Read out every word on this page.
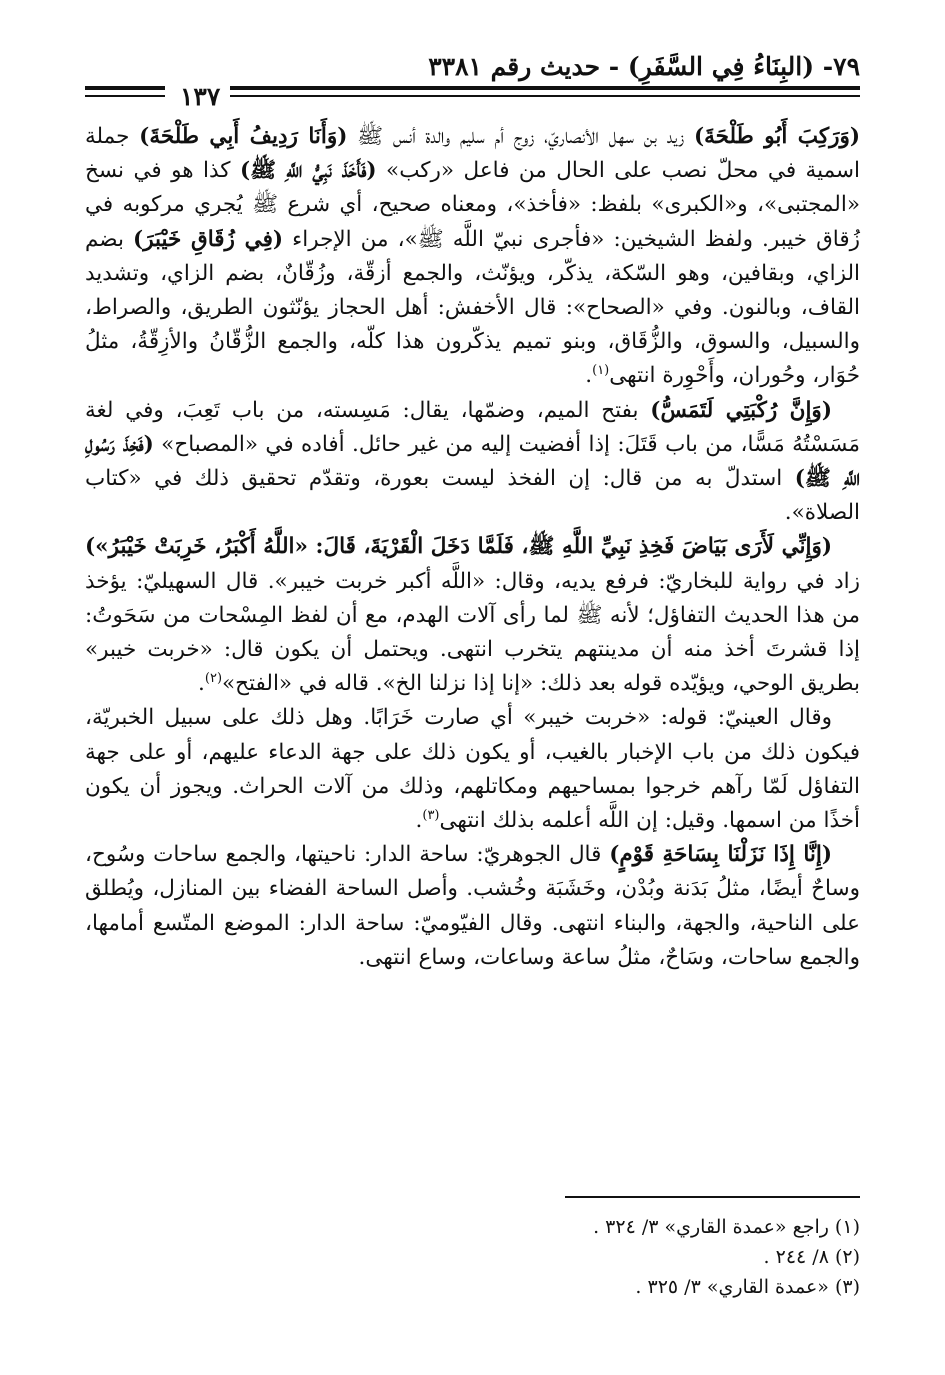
٧٩- (البِنَاءُ فِي السَّفَرِ) - حديث رقم ٣٣٨١
١٣٧

(وَرَكِبَ أَبُو طَلْحَةَ) زيد بن سهل الأنصاريّ، زوج أم سليم والدة أنس ﷺ (وَأَنَا رَدِيفُ أَبِي طَلْحَةَ) جملة اسمية في محلّ نصب على الحال من فاعل «ركب» (فَأَخَذَ نَبِيُّ اللَّهِ ﷺ) كذا هو في نسخ «المجتبى»، و«الكبرى» بلفظ: «فأخذ»، ومعناه صحيح، أي شرع ﷺ يُجري مركوبه في زُقاق خيبر. ولفظ الشيخين: «فأجرى نبيّ اللَّه ﷺ»، من الإجراء (فِي زُقَاقِ خَيْبَرَ) بضم الزاي، وبقافين، وهو السّكة، يذكّر، ويؤنّث، والجمع أزقّة، وزُقّانٌ، بضم الزاي، وتشديد القاف، وبالنون. وفي «الصحاح»: قال الأخفش: أهل الحجاز يؤنّثون الطريق، والصراط، والسبيل، والسوق، والزُّقَاق، وبنو تميم يذكّرون هذا كلّه، والجمع الزُّقّانُ والأزِقّةُ، مثلُ حُوَار، وحُوران، وأَحْوِرة انتهى$^{(١)}$.

(وَإِنَّ رُكْبَتِي لَتَمَسُّ) بفتح الميم، وضمّها، يقال: مَسِسته، من باب تَعِبَ، وفي لغة مَسَسْتُهُ مَسًّا، من باب قَتَلَ: إذا أفضيت إليه من غير حائل. أفاده في «المصباح» (فَخِذَ رَسُولِ اللَّهِ ﷺ) استدلّ به من قال: إن الفخذ ليست بعورة، وتقدّم تحقيق ذلك في «كتاب الصلاة».

(وَإِنِّي لَأَرَى بَيَاضَ فَخِذِ نَبِيِّ اللَّهِ ﷺ، فَلَمَّا دَخَلَ الْقَرْيَةَ، قَالَ: «اللَّهُ أَكْبَرُ، خَرِبَتْ خَيْبَرُ») زاد في رواية للبخاريّ: فرفع يديه، وقال: «اللَّه أكبر خربت خيبر». قال السهيليّ: يؤخذ من هذا الحديث التفاؤل؛ لأنه ﷺ لما رأى آلات الهدم، مع أن لفظ المِسْحات من سَحَوتُ: إذا قشرتَ أخذ منه أن مدينتهم يتخرب انتهى. ويحتمل أن يكون قال: «خربت خيبر» بطريق الوحي، ويؤيّده قوله بعد ذلك: «إنا إذا نزلنا الخ». قاله في «الفتح»$^{(٢)}$.

وقال العينيّ: قوله: «خربت خيبر» أي صارت خَرَابًا. وهل ذلك على سبيل الخبريّة، فيكون ذلك من باب الإخبار بالغيب، أو يكون ذلك على جهة الدعاء عليهم، أو على جهة التفاؤل لَمّا رآهم خرجوا بمساحيهم ومكاتلهم، وذلك من آلات الحراث. ويجوز أن يكون أخذًا من اسمها. وقيل: إن اللَّه أعلمه بذلك انتهى$^{(٣)}$.

(إِنَّا إِذَا نَزَلْنَا بِسَاحَةِ قَوْمٍ) قال الجوهريّ: ساحة الدار: ناحيتها، والجمع ساحات وسُوح، وساحٌ أيضًا، مثلُ بَدَنة وبُدْن، وخَشَبَة وخُشب. وأصل الساحة الفضاء بين المنازل، ويُطلق على الناحية، والجهة، والبناء انتهى. وقال الفيّوميّ: ساحة الدار: الموضع المتّسع أمامها، والجمع ساحات، وسَاحٌ، مثلُ ساعة وساعات، وساع انتهى.

(١) راجع «عمدة القاري» ٣/ ٣٢٤ .

(٢) ٨/ ٢٤٤ .

(٣) «عمدة القاري» ٣/ ٣٢٥ .
